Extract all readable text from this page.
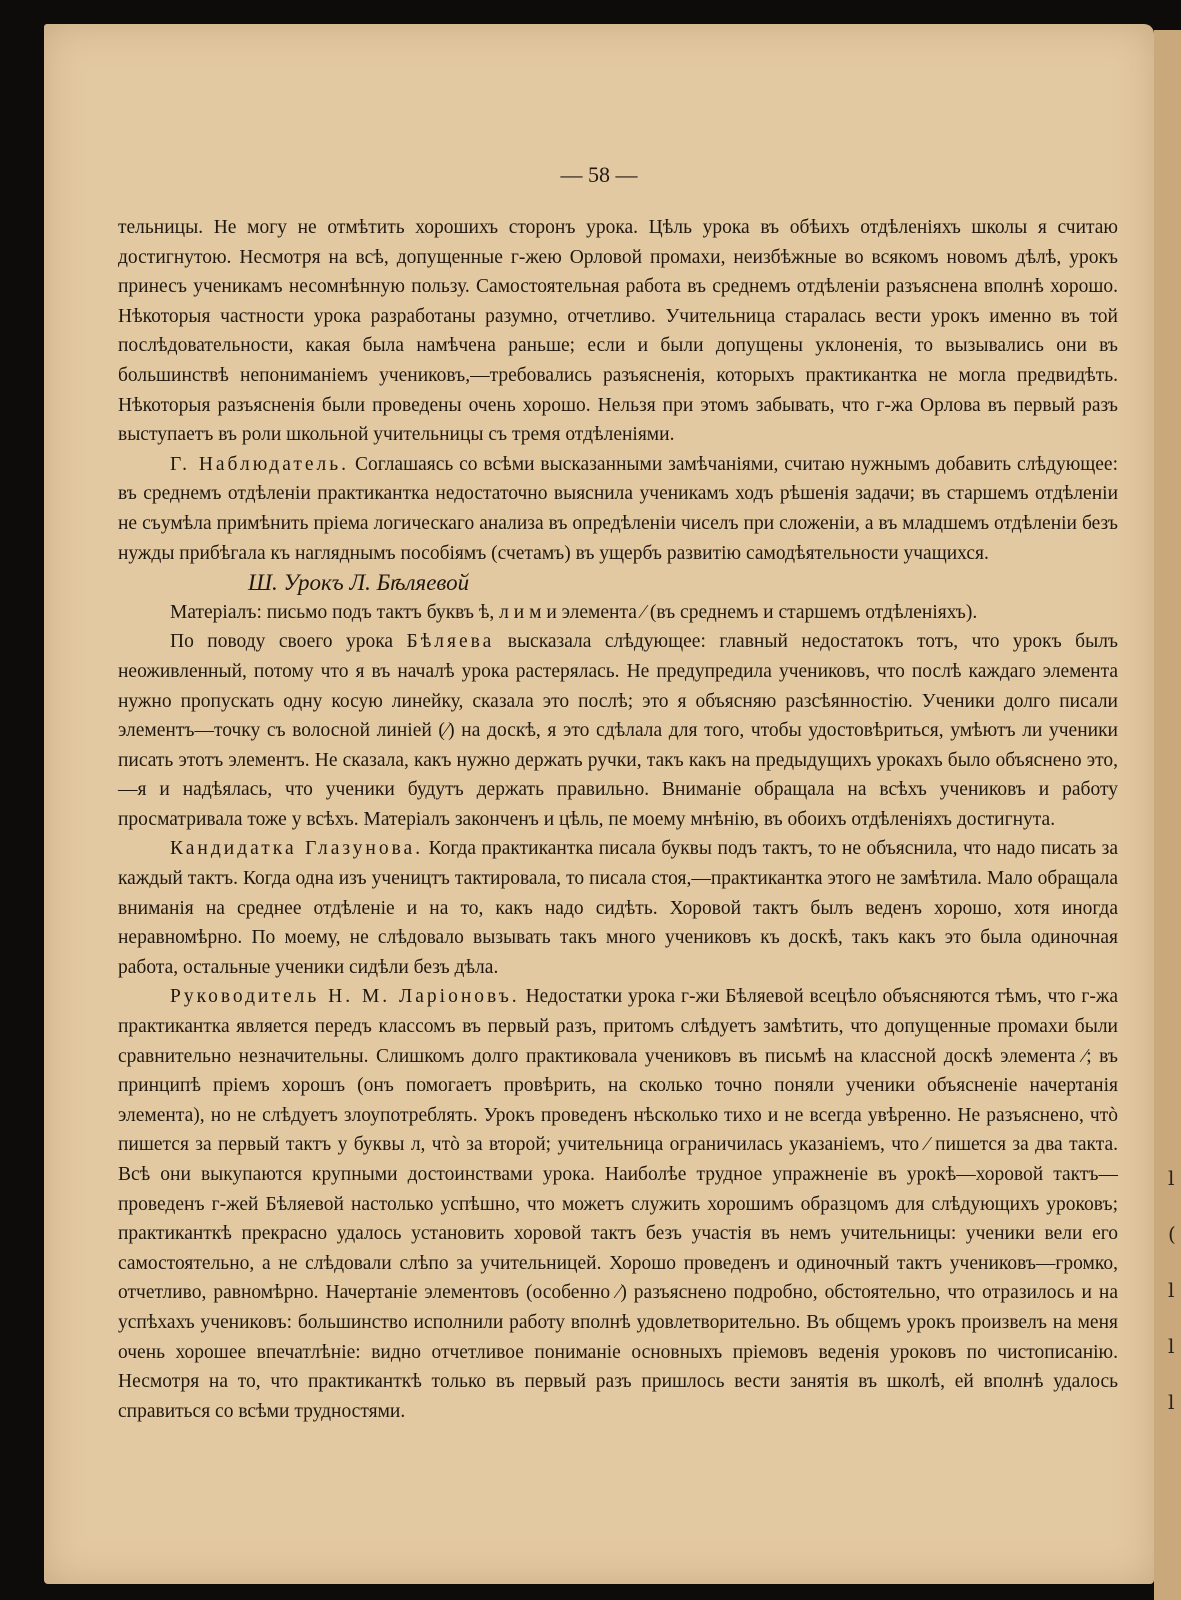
l
(
l
l
l
— 58 —

тельницы. Не могу не отмѣтить хорошихъ сторонъ урока. Цѣль урока въ обѣихъ отдѣленіяхъ школы я считаю достигнутою. Несмотря на всѣ, допущенные г-жею Орловой промахи, неизбѣжные во всякомъ новомъ дѣлѣ, урокъ принесъ ученикамъ несомнѣнную пользу. Самостоятельная работа въ среднемъ отдѣленіи разъяснена вполнѣ хорошо. Нѣкоторыя частности урока разработаны разумно, отчетливо. Учительница старалась вести урокъ именно въ той послѣдовательности, какая была намѣчена раньше; если и были допущены уклоненія, то вызывались они въ большинствѣ непониманіемъ учениковъ,—требовались разъясненія, которыхъ практикантка не могла предвидѣть. Нѣкоторыя разъясненія были проведены очень хорошо. Нельзя при этомъ забывать, что г-жа Орлова въ первый разъ выступаетъ въ роли школьной учительницы съ тремя отдѣленіями.

Г. Наблюдатель. Соглашаясь со всѣми высказанными замѣчаніями, считаю нужнымъ добавить слѣдующее: въ среднемъ отдѣленіи практикантка недостаточно выяснила ученикамъ ходъ рѣшенія задачи; въ старшемъ отдѣленіи не съумѣла примѣнить пріема логическаго анализа въ опредѣленіи чиселъ при сложеніи, а въ младшемъ отдѣленіи безъ нужды прибѣгала къ нагляднымъ пособіямъ (счетамъ) въ ущербъ развитію самодѣятельности учащихся.

Ш. Урокъ Л. Бѣляевой

Матеріалъ: письмо подъ тактъ буквъ ѣ, л и м и элемента ⁄ (въ среднемъ и старшемъ отдѣленіяхъ).

По поводу своего урока Бѣляева высказала слѣдующее: главный недостатокъ тотъ, что урокъ былъ неоживленный, потому что я въ началѣ урока растерялась. Не предупредила учениковъ, что послѣ каждаго элемента нужно пропускать одну косую линейку, сказала это послѣ; это я объясняю разсѣянностію. Ученики долго писали элементъ—точку съ волосной линіей (⁄) на доскѣ, я это сдѣлала для того, чтобы удостовѣриться, умѣютъ ли ученики писать этотъ элементъ. Не сказала, какъ нужно держать ручки, такъ какъ на предыдущихъ урокахъ было объяснено это,—я и надѣялась, что ученики будутъ держать правильно. Вниманіе обращала на всѣхъ учениковъ и работу просматривала тоже у всѣхъ. Матеріалъ законченъ и цѣль, пе моему мнѣнію, въ обоихъ отдѣленіяхъ достигнута.

Кандидатка Глазунова. Когда практикантка писала буквы подъ тактъ, то не объяснила, что надо писать за каждый тактъ. Когда одна изъ учеництъ тактировала, то писала стоя,—практикантка этого не замѣтила. Мало обращала вниманія на среднее отдѣленіе и на то, какъ надо сидѣть. Хоровой тактъ былъ веденъ хорошо, хотя иногда неравномѣрно. По моему, не слѣдовало вызывать такъ много учениковъ къ доскѣ, такъ какъ это была одиночная работа, остальные ученики сидѣли безъ дѣла.

Руководитель Н. М. Ларіоновъ. Недостатки урока г-жи Бѣляевой всецѣло объясняются тѣмъ, что г-жа практикантка является передъ классомъ въ первый разъ, притомъ слѣдуетъ замѣтить, что допущенные промахи были сравнительно незначительны. Слишкомъ долго практиковала учениковъ въ письмѣ на классной доскѣ элемента ⁄; въ принципѣ пріемъ хорошъ (онъ помогаетъ провѣрить, на сколько точно поняли ученики объясненіе начертанія элемента), но не слѣдуетъ злоупотреблять. Урокъ проведенъ нѣсколько тихо и не всегда увѣренно. Не разъяснено, чтò пишется за первый тактъ у буквы л, чтò за второй; учительница ограничилась указаніемъ, что ⁄ пишется за два такта. Всѣ они выкупаются крупными достоинствами урока. Наиболѣе трудное упражненіе въ урокѣ—хоровой тактъ—проведенъ г-жей Бѣляевой настолько успѣшно, что можетъ служить хорошимъ образцомъ для слѣдующихъ уроковъ; практиканткѣ прекрасно удалось установить хоровой тактъ безъ участія въ немъ учительницы: ученики вели его самостоятельно, а не слѣдовали слѣпо за учительницей. Хорошо проведенъ и одиночный тактъ учениковъ—громко, отчетливо, равномѣрно. Начертаніе элементовъ (особенно ⁄) разъяснено подробно, обстоятельно, что отразилось и на успѣхахъ учениковъ: большинство исполнили работу вполнѣ удовлетворительно. Въ общемъ урокъ произвелъ на меня очень хорошее впечатлѣніе: видно отчетливое пониманіе основныхъ пріемовъ веденія уроковъ по чистописанію. Несмотря на то, что практиканткѣ только въ первый разъ пришлось вести занятія въ школѣ, ей вполнѣ удалось справиться со всѣми трудностями.
